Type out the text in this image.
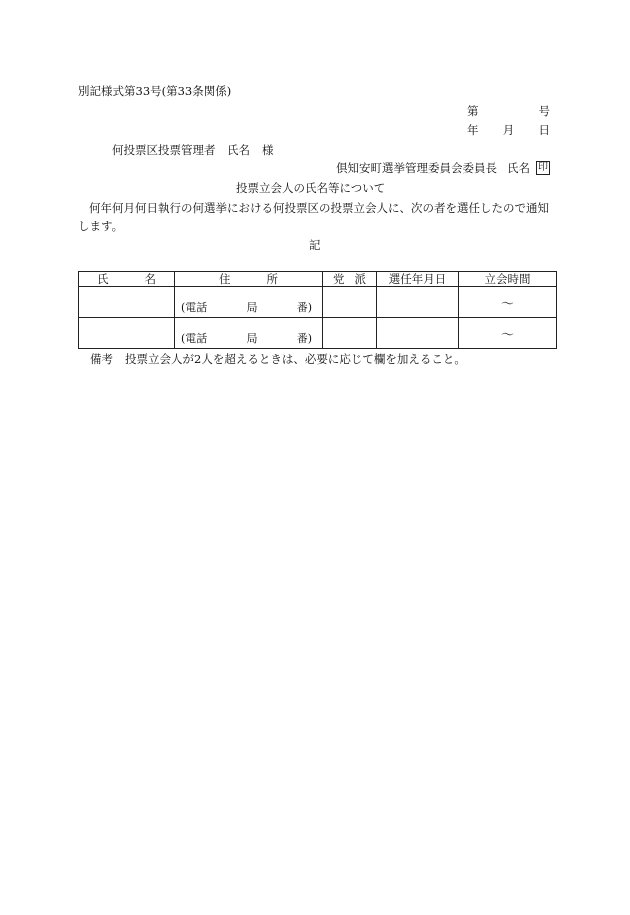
別記様式第33号(第33条関係)
第	号
年 月 日
何投票区投票管理者　氏名 様
倶知安町選挙管理委員会委員長 氏名 印
投票立会人の氏名等について
何年何月何日執行の何選挙における何投票区の投票立会人に、次の者を選任したので通知します。
記
氏 名	住 所	党 派	選任年月日	立会時間

	(電話 局 番)			～

	(電話 局 番)			～
備考 投票立会人が2人を超えるときは、必要に応じて欄を加えること。
